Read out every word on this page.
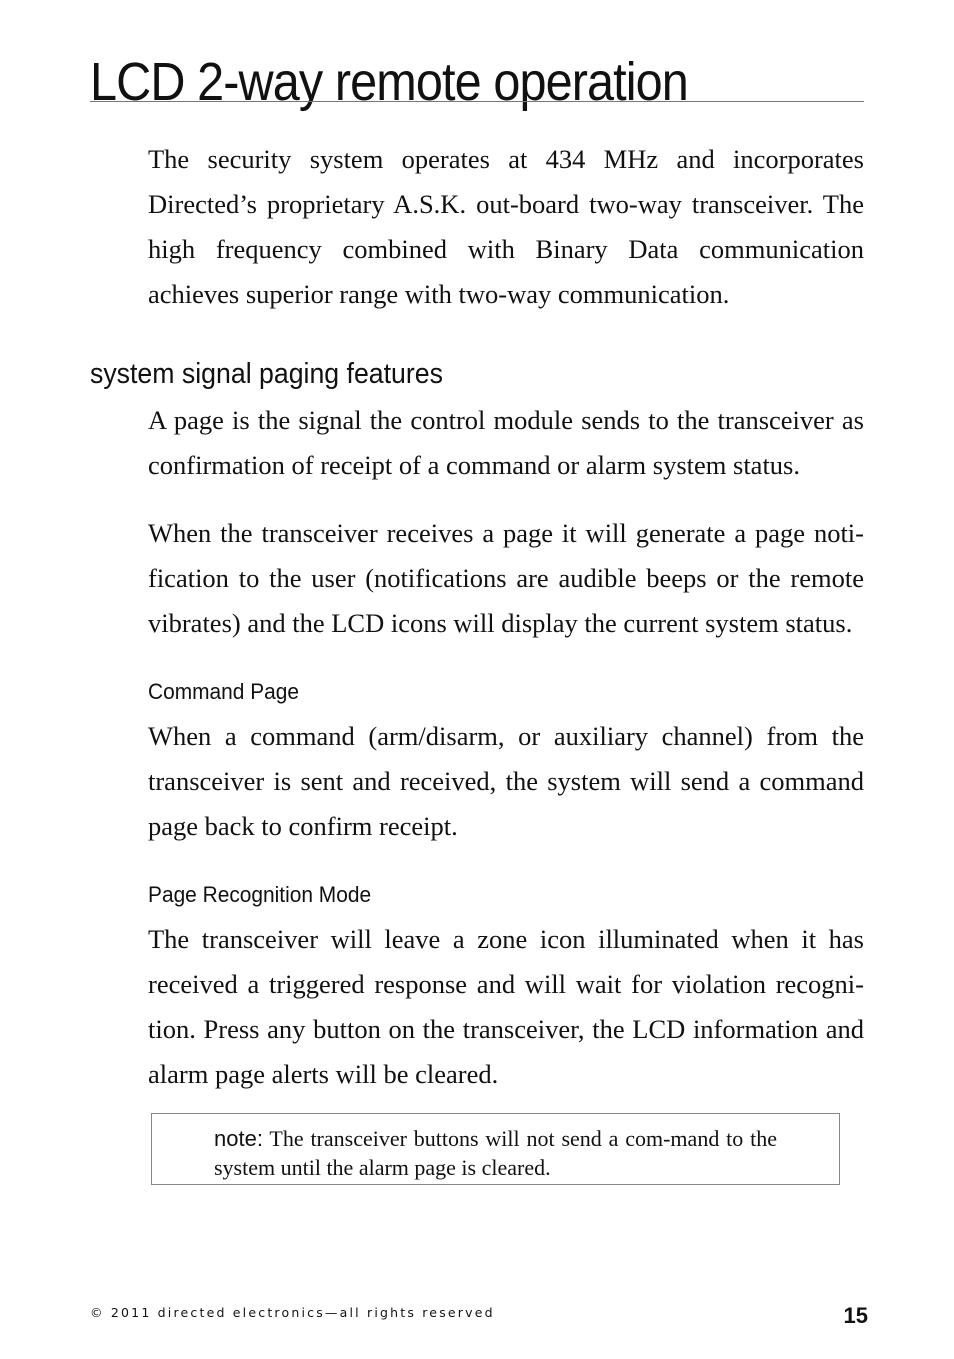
LCD 2-way remote operation

The security system operates at 434 MHz and incorporates Directed’s proprietary A.S.K. out-board two-way transceiver. The high frequency combined with Binary Data communication achieves superior range with two-way communication.

system signal paging features

A page is the signal the control module sends to the transceiver as confirmation of receipt of a command or alarm system status.

When the transceiver receives a page it will generate a page noti-fication to the user (notifications are audible beeps or the remote vibrates) and the LCD icons will display the current system status.

Command Page

When a command (arm/disarm, or auxiliary channel) from the transceiver is sent and received, the system will send a command page back to confirm receipt.

Page Recognition Mode

The transceiver will leave a zone icon illuminated when it has received a triggered response and will wait for violation recogni-tion. Press any button on the transceiver, the LCD information and alarm page alerts will be cleared.

note: The transceiver buttons will not send a com-mand to the system until the alarm page is cleared.

© 2011 directed electronics—all rights reserved	15
